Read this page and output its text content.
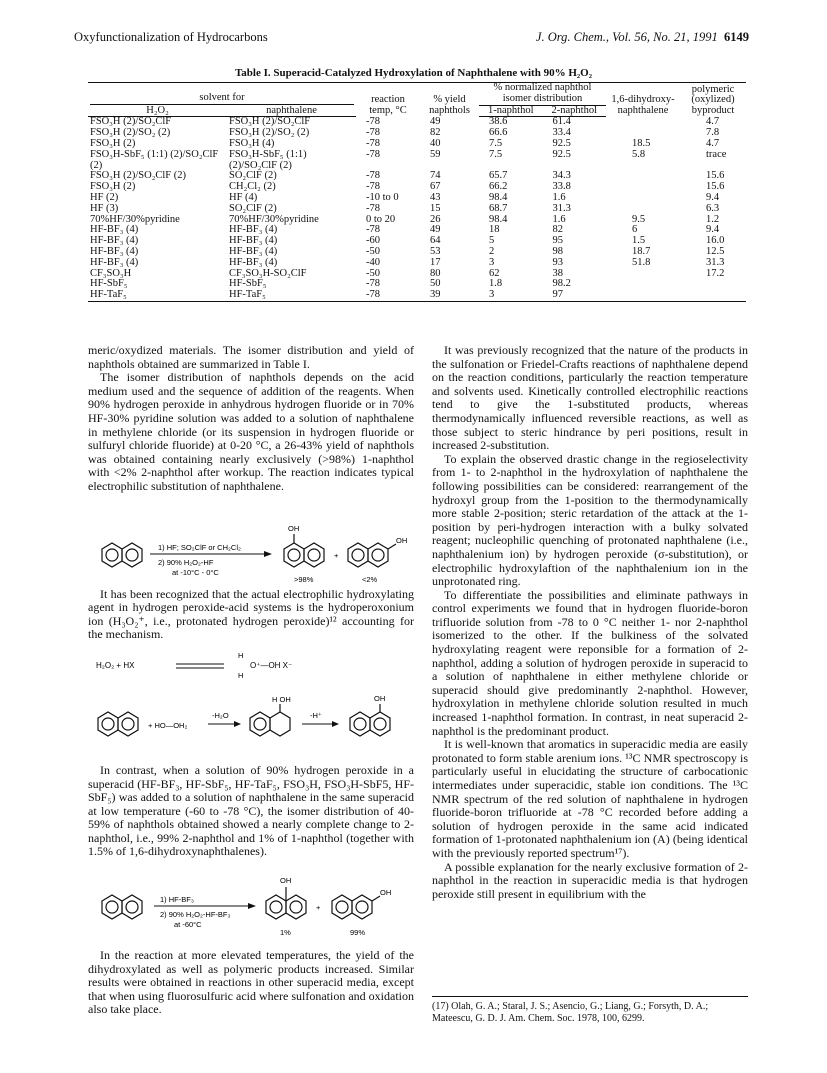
Oxyfunctionalization of Hydrocarbons	J. Org. Chem., Vol. 56, No. 21, 1991 6149
Table I. Superacid-Catalyzed Hydroxylation of Naphthalene with 90% H₂O₂
solvent for		reaction temp, °C	% yield naphthols	% normalized naphthol isomer distribution		1,6-dihydroxy-naphthalene	polymeric (oxylized) byproduct
H₂O₂	naphthalene			1-naphthol	2-naphthol		
FSO₃H (2)/SO₂ClF	FSO₃H (2)/SO₂ClF	-78	49	38.6	61.4		4.7
FSO₃H (2)/SO₂ (2)	FSO₃H (2)/SO₂ (2)	-78	82	66.6	33.4		7.8
FSO₃H (2)	FSO₃H (4)	-78	40	7.5	92.5	18.5	4.7
FSO₃H-SbF₅ (1:1) (2)/SO₂ClF (2)	FSO₃H-SbF₅ (1:1) (2)/SO₂ClF (2)	-78	59	7.5	92.5	5.8	trace
FSO₃H (2)/SO₂ClF (2)	SO₂ClF (2)	-78	74	65.7	34.3		15.6
FSO₃H (2)	CH₂Cl₂ (2)	-78	67	66.2	33.8		15.6
HF (2)	HF (4)	-10 to 0	43	98.4	1.6		9.4
HF (3)	SO₂ClF (2)	-78	15	68.7	31.3		6.3
70%HF/30%pyridine	70%HF/30%pyridine	0 to 20	26	98.4	1.6	9.5	1.2
HF-BF₃ (4)	HF-BF₃ (4)	-78	49	18	82	6	9.4
HF-BF₃ (4)	HF-BF₃ (4)	-60	64	5	95	1.5	16.0
HF-BF₃ (4)	HF-BF₃ (4)	-50	53	2	98	18.7	12.5
HF-BF₃ (4)	HF-BF₃ (4)	-40	17	3	93	51.8	31.3
CF₃SO₃H	CF₃SO₃H-SO₂ClF	-50	80	62	38		17.2
HF-SbF₅	HF-SbF₅	-78	50	1.8	98.2		
HF-TaF₅	HF-TaF₅	-78	39	3	97		

meric/oxydized materials. The isomer distribution and yield of naphthols obtained are summarized in Table I.

The isomer distribution of naphthols depends on the acid medium used and the sequence of addition of the reagents. When 90% hydrogen peroxide in anhydrous hydrogen fluoride or in 70% HF-30% pyridine solution was added to a solution of naphthalene in methylene chloride (or its suspension in hydrogen fluoride or sulfuryl chloride fluoride) at 0-20 °C, a 26-43% yield of naphthols was obtained containing nearly exclusively (>98%) 1-naphthol with <2% 2-naphthol after workup. The reaction indicates typical electrophilic substitution of naphthalene.

1) HF; SO₂ClF or CH₂Cl₂
2) 90% H₂O₂-HF
at -10°C - 0°C
OH
>98%
+
OH
<2%

It has been recognized that the actual electrophilic hydroxylating agent in hydrogen peroxide-acid systems is the hydroperoxonium ion (H₃O₂⁺, i.e., protonated hydrogen peroxide)¹² accounting for the mechanism.

H₂O₂ + HX
H
H
O⁺—OH X⁻
+ HO—OH₂
-H₂O
H OH
-H⁺
OH

In contrast, when a solution of 90% hydrogen peroxide in a superacid (HF-BF₃, HF-SbF₅, HF-TaF₅, FSO₃H, FSO₃H-SbF5, HF-SbF₅) was added to a solution of naphthalene in the same superacid at low temperature (-60 to -78 °C), the isomer distribution of 40-59% of naphthols obtained showed a nearly complete change to 2-naphthol, i.e., 99% 2-naphthol and 1% of 1-naphthol (together with 1.5% of 1,6-dihydroxynaphthalenes).

1) HF-BF₃
2) 90% H₂O₂-HF-BF₃
at -60°C
OH
1%
+
OH
99%

In the reaction at more elevated temperatures, the yield of the dihydroxylated as well as polymeric products increased. Similar results were obtained in reactions in other superacid media, except that when using fluorosulfuric acid where sulfonation and oxidation also take place.

It was previously recognized that the nature of the products in the sulfonation or Friedel-Crafts reactions of naphthalene depend on the reaction conditions, particularly the reaction temperature and solvents used. Kinetically controlled electrophilic reactions tend to give the 1-substituted products, whereas thermodynamically influenced reversible reactions, as well as those subject to steric hindrance by peri positions, result in increased 2-substitution.

To explain the observed drastic change in the regioselectivity from 1- to 2-naphthol in the hydroxylation of naphthalene the following possibilities can be considered: rearrangement of the hydroxyl group from the 1-position to the thermodynamically more stable 2-position; steric retardation of the attack at the 1-position by peri-hydrogen interaction with a bulky solvated reagent; nucleophilic quenching of protonated naphthalene (i.e., naphthalenium ion) by hydrogen peroxide (σ-substitution), or electrophilic hydroxylaftion of the naphthalenium ion in the unprotonated ring.

To differentiate the possibilities and eliminate pathways in control experiments we found that in hydrogen fluoride-boron trifluoride solution from -78 to 0 °C neither 1- nor 2-naphthol isomerized to the other. If the bulkiness of the solvated hydroxylating reagent were reponsible for a formation of 2-naphthol, adding a solution of hydrogen peroxide in superacid to a solution of naphthalene in either methylene chloride or superacid should give predominantly 2-naphthol. However, hydroxylation in methylene chloride solution resulted in much increased 1-naphthol formation. In contrast, in neat superacid 2-naphthol is the predominant product.

It is well-known that aromatics in superacidic media are easily protonated to form stable arenium ions. ¹³C NMR spectroscopy is particularly useful in elucidating the structure of carbocationic intermediates under superacidic, stable ion conditions. The ¹³C NMR spectrum of the red solution of naphthalene in hydrogen fluoride-boron trifluoride at -78 °C recorded before adding a solution of hydrogen peroxide in the same acid indicated formation of 1-protonated naphthalenium ion (A) (being identical with the previously reported spectrum¹⁷).

A possible explanation for the nearly exclusive formation of 2-naphthol in the reaction in superacidic media is that hydrogen peroxide still present in equilibrium with the

(17) Olah, G. A.; Staral, J. S.; Asencio, G.; Liang, G.; Forsyth, D. A.; Mateescu, G. D. J. Am. Chem. Soc. 1978, 100, 6299.
